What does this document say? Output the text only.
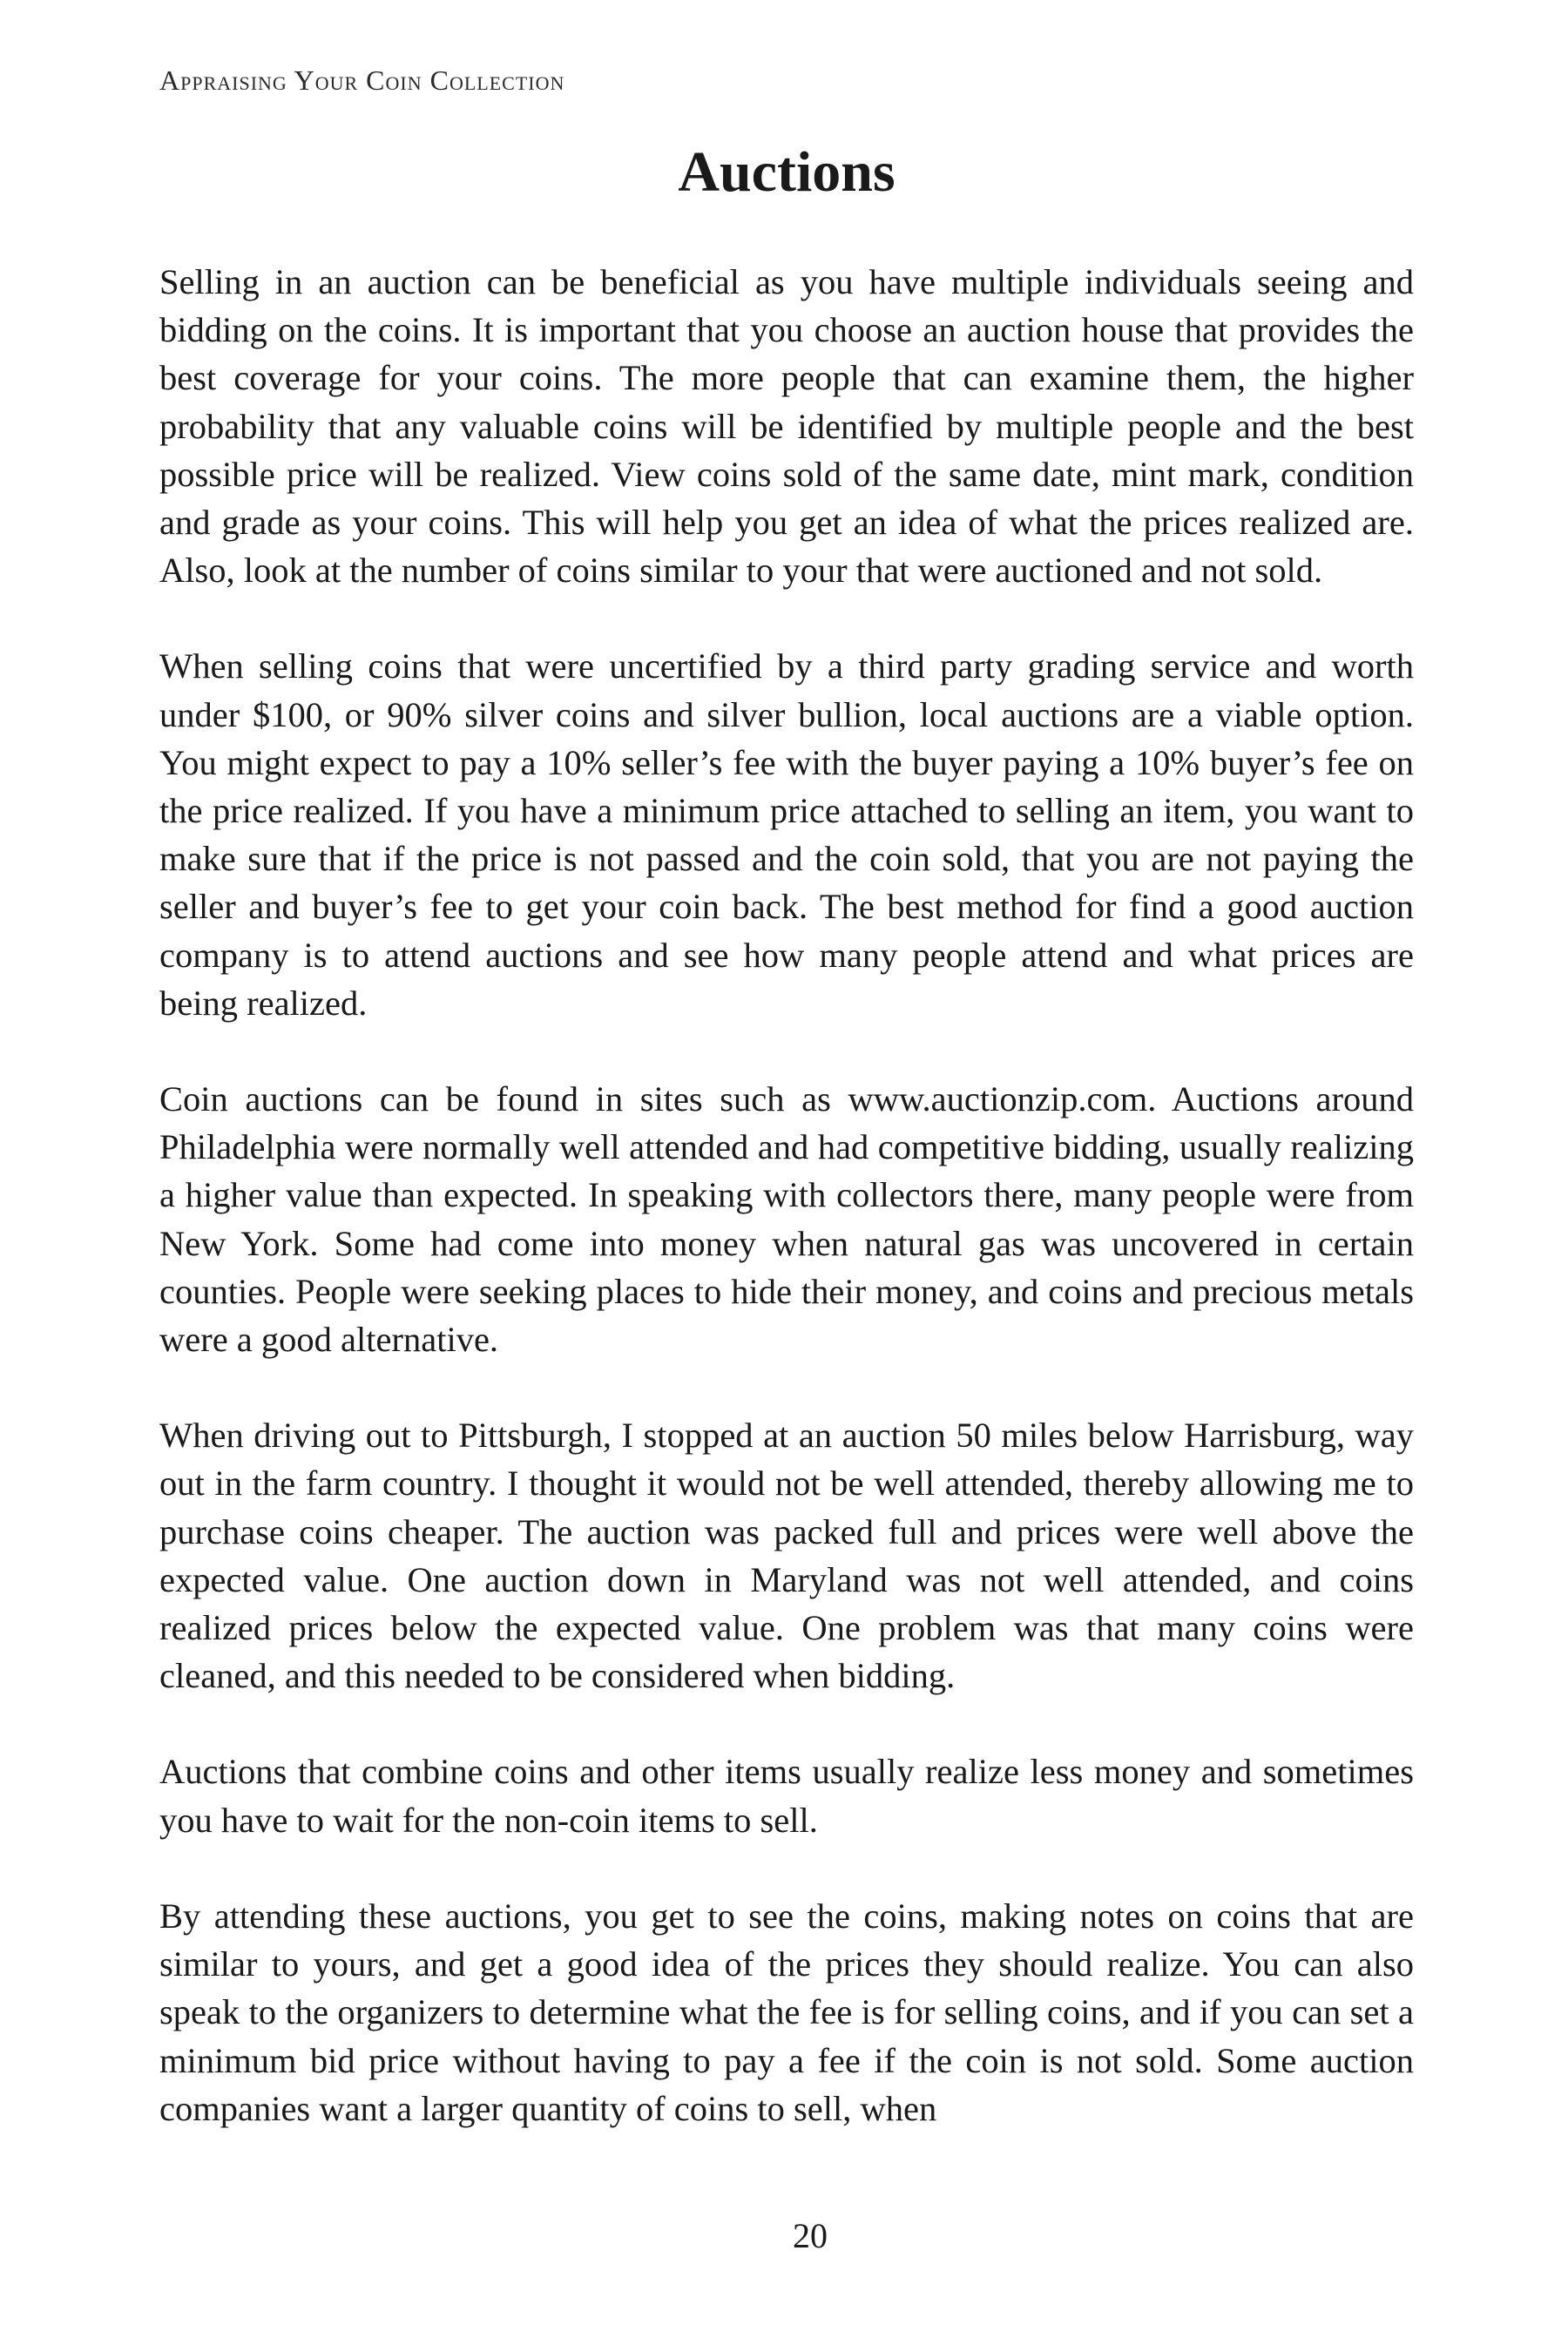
Appraising Your Coin Collection
Auctions

Selling in an auction can be beneficial as you have multiple individuals seeing and bidding on the coins. It is important that you choose an auction house that provides the best coverage for your coins. The more people that can examine them, the higher probability that any valuable coins will be identified by multiple people and the best possible price will be realized. View coins sold of the same date, mint mark, condition and grade as your coins. This will help you get an idea of what the prices realized are. Also, look at the number of coins similar to your that were auctioned and not sold.

When selling coins that were uncertified by a third party grading service and worth under $100, or 90% silver coins and silver bullion, local auctions are a viable option. You might expect to pay a 10% seller’s fee with the buyer paying a 10% buyer’s fee on the price realized. If you have a minimum price attached to selling an item, you want to make sure that if the price is not passed and the coin sold, that you are not paying the seller and buyer’s fee to get your coin back. The best method for find a good auction company is to attend auctions and see how many people attend and what prices are being realized.

Coin auctions can be found in sites such as www.auctionzip.com. Auctions around Philadelphia were normally well attended and had competitive bidding, usually realizing a higher value than expected. In speaking with collectors there, many people were from New York. Some had come into money when natural gas was uncovered in certain counties. People were seeking places to hide their money, and coins and precious metals were a good alternative.

When driving out to Pittsburgh, I stopped at an auction 50 miles below Harrisburg, way out in the farm country. I thought it would not be well attended, thereby allowing me to purchase coins cheaper. The auction was packed full and prices were well above the expected value. One auction down in Maryland was not well attended, and coins realized prices below the expected value. One problem was that many coins were cleaned, and this needed to be considered when bidding.

Auctions that combine coins and other items usually realize less money and sometimes you have to wait for the non-coin items to sell.

By attending these auctions, you get to see the coins, making notes on coins that are similar to yours, and get a good idea of the prices they should realize. You can also speak to the organizers to determine what the fee is for selling coins, and if you can set a minimum bid price without having to pay a fee if the coin is not sold. Some auction companies want a larger quantity of coins to sell, when

20
